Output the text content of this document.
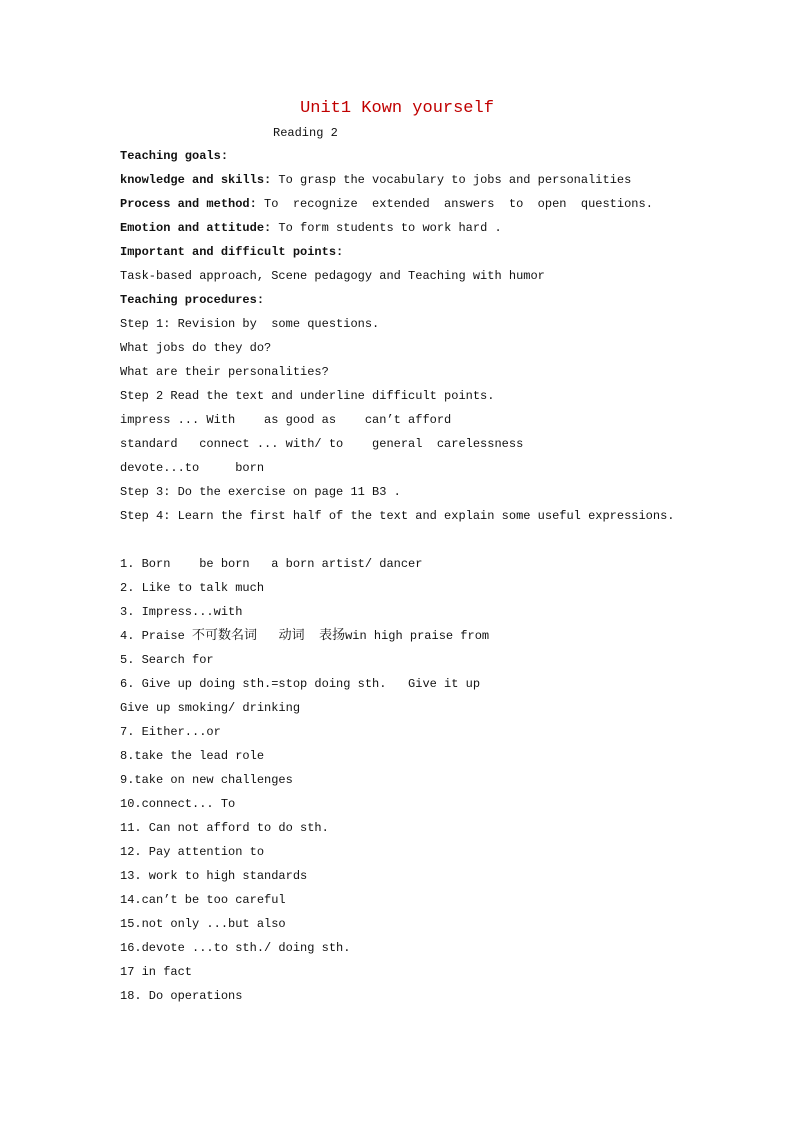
Unit1 Kown yourself
Reading 2
Teaching goals:
knowledge and skills: To grasp the vocabulary to jobs and personalities
Process and method: To  recognize  extended  answers  to  open  questions.
Emotion and attitude: To form students to work hard .
Important and difficult points:
Task-based approach, Scene pedagogy and Teaching with humor
Teaching procedures:
Step 1: Revision by  some questions.
What jobs do they do?
What are their personalities?
Step 2 Read the text and underline difficult points.
impress ... With    as good as    can’t afford
standard   connect ... with/ to    general  carelessness
devote...to     born
Step 3: Do the exercise on page 11 B3 .
Step 4: Learn the first half of the text and explain some useful expressions.
1. Born    be born   a born artist/ dancer
2. Like to talk much
3. Impress...with
4. Praise 不可数名词 动词 表扬win high praise from
5. Search for
6. Give up doing sth.=stop doing sth.   Give it up
Give up smoking/ drinking
7. Either...or
8.take the lead role
9.take on new challenges
10.connect... To
11. Can not afford to do sth.
12. Pay attention to
13. work to high standards
14.can’t be too careful
15.not only ...but also
16.devote ...to sth./ doing sth.
17 in fact
18. Do operations
